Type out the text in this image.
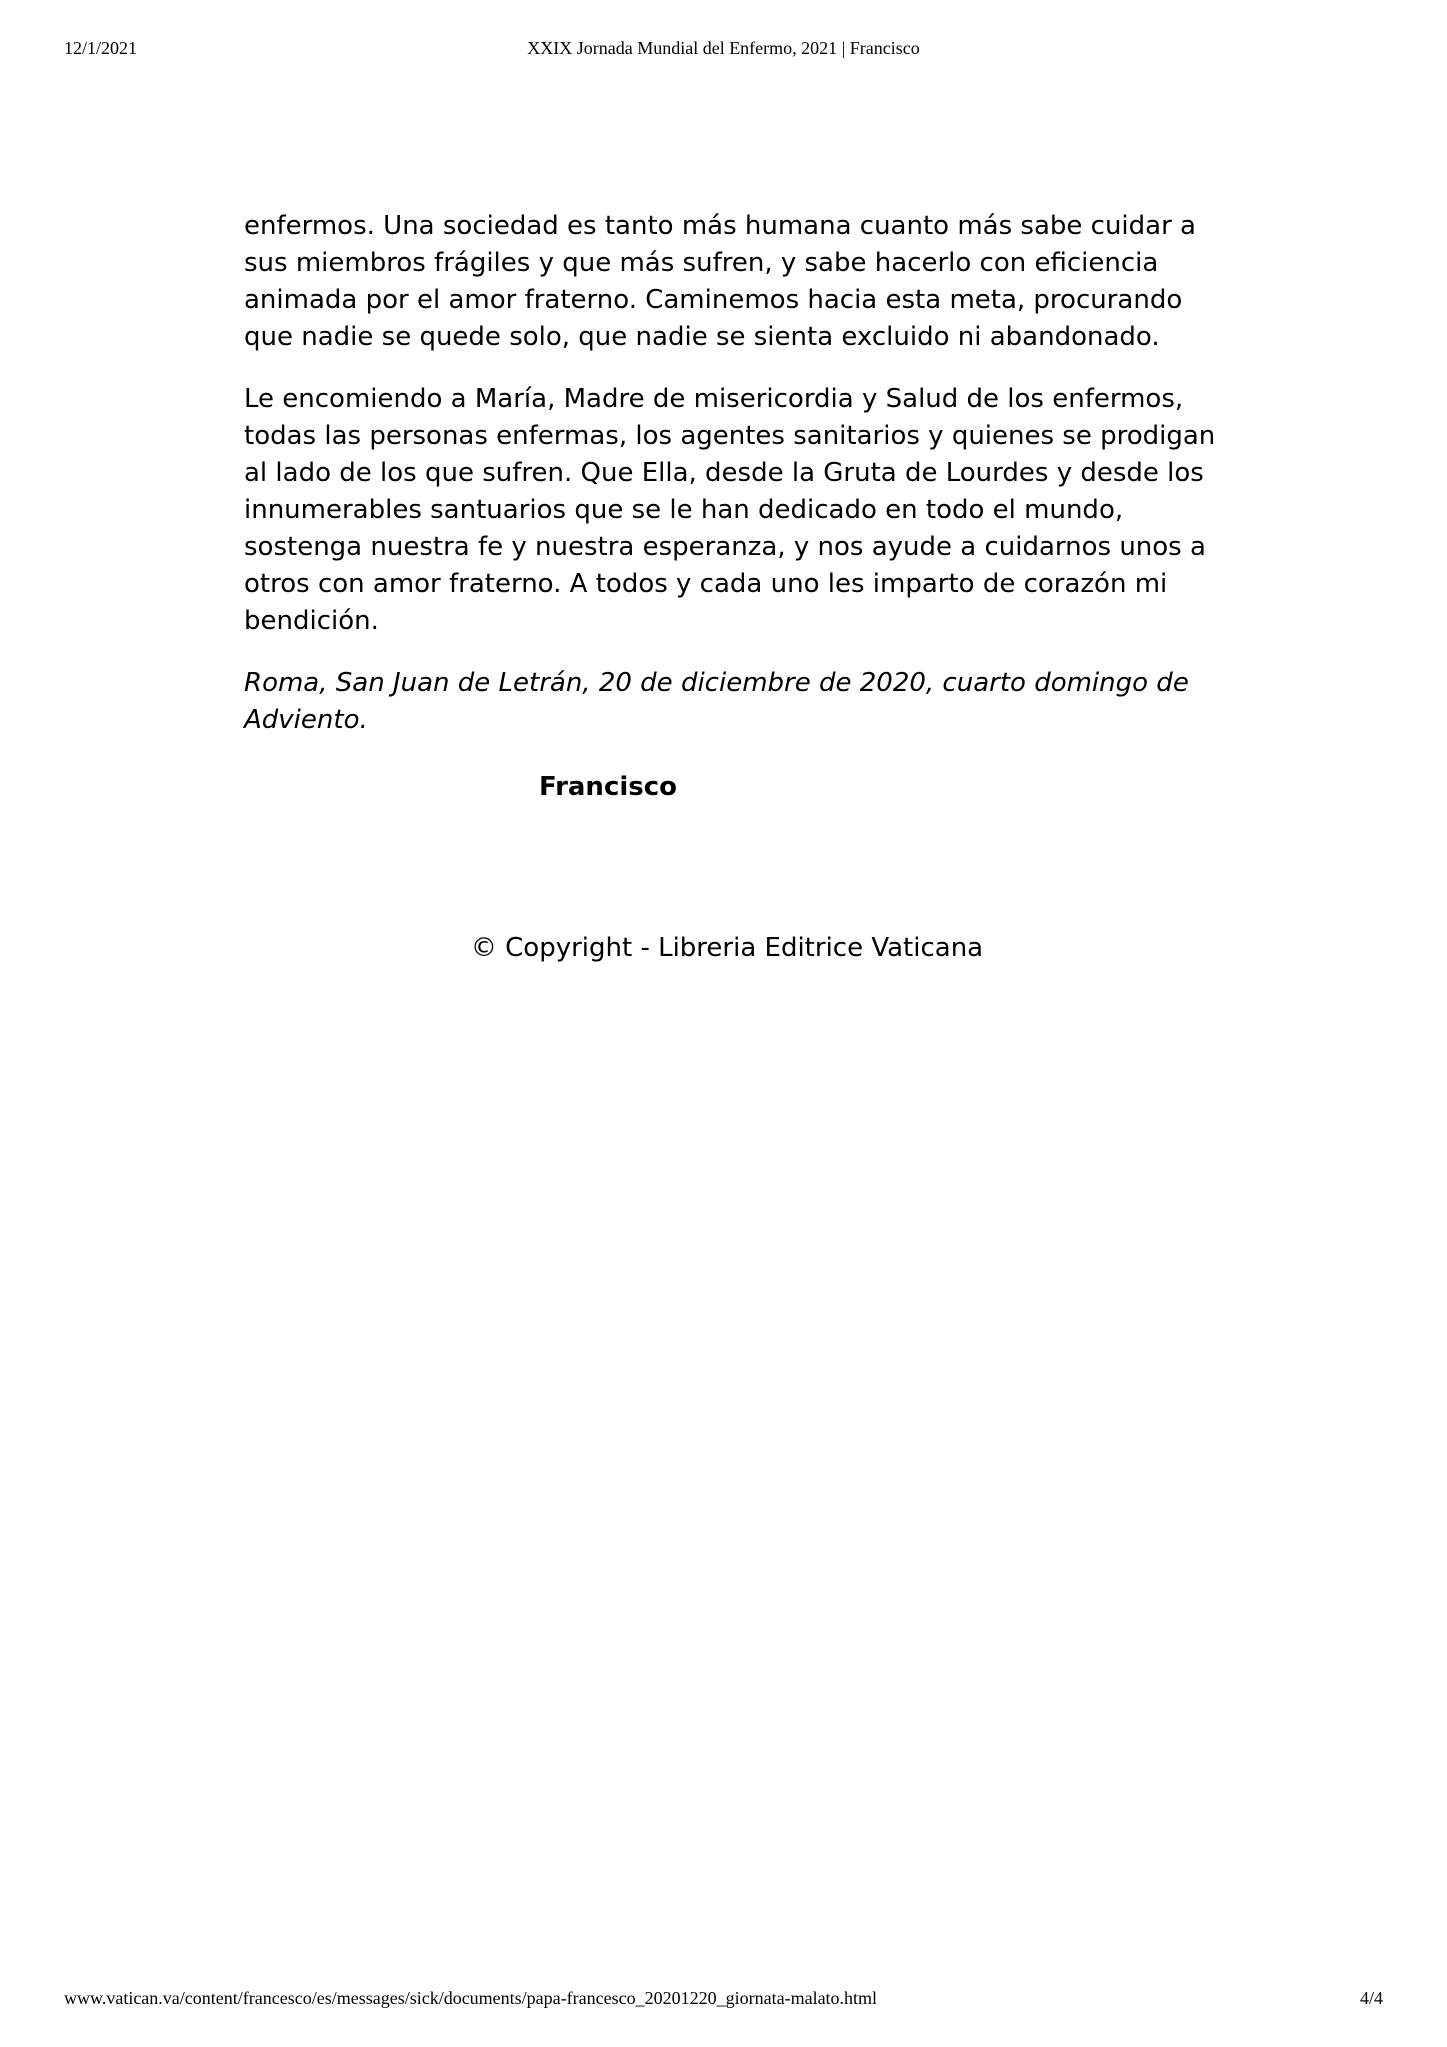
12/1/2021	XXIX Jornada Mundial del Enfermo, 2021 | Francisco

enfermos. Una sociedad es tanto más humana cuanto más sabe cuidar a sus miembros frágiles y que más sufren, y sabe hacerlo con eficiencia animada por el amor fraterno. Caminemos hacia esta meta, procurando que nadie se quede solo, que nadie se sienta excluido ni abandonado.

Le encomiendo a María, Madre de misericordia y Salud de los enfermos, todas las personas enfermas, los agentes sanitarios y quienes se prodigan al lado de los que sufren. Que Ella, desde la Gruta de Lourdes y desde los innumerables santuarios que se le han dedicado en todo el mundo, sostenga nuestra fe y nuestra esperanza, y nos ayude a cuidarnos unos a otros con amor fraterno. A todos y cada uno les imparto de corazón mi bendición.

Roma, San Juan de Letrán, 20 de diciembre de 2020, cuarto domingo de Adviento.

Francisco

© Copyright - Libreria Editrice Vaticana
www.vatican.va/content/francesco/es/messages/sick/documents/papa-francesco_20201220_giornata-malato.html	4/4
